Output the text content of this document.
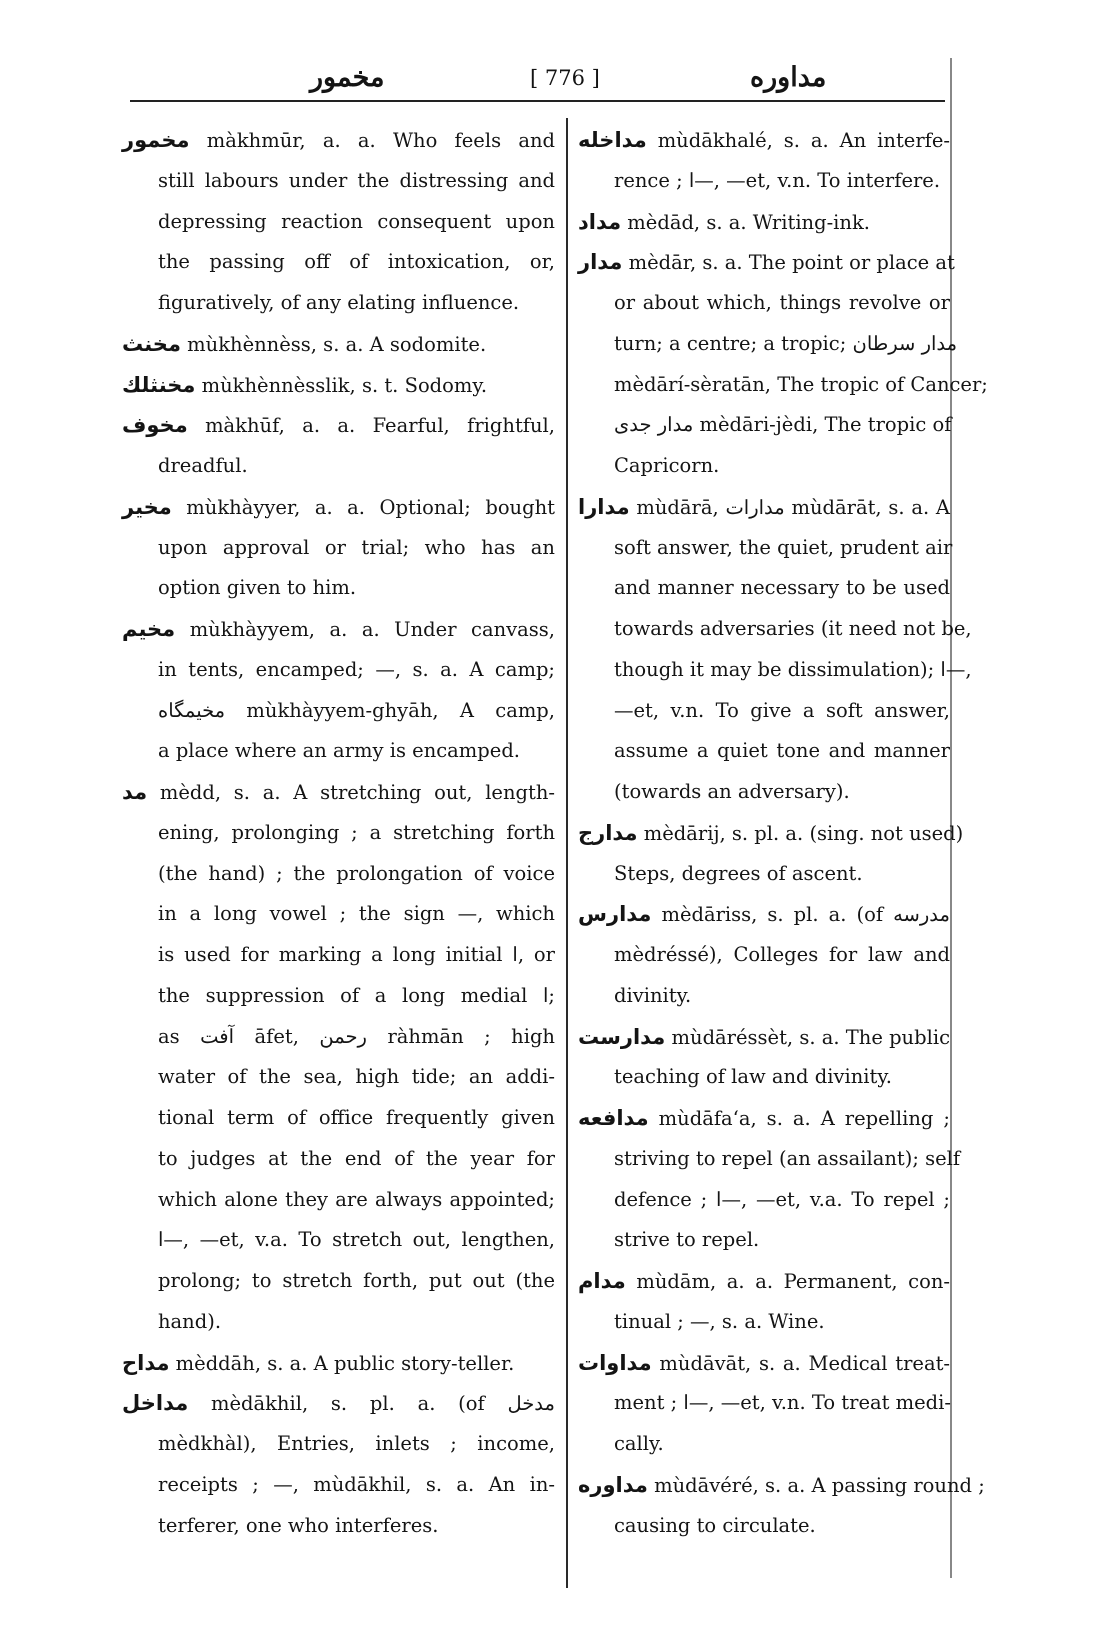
مخمور	[ 776 ]	مداوره
مخمور màkhmūr, a. a. Who feels and
still labours under the distressing and
depressing reaction consequent upon
the passing off of intoxication, or,
figuratively, of any elating influence.
مخنث mùkhènnèss, s. a. A sodomite.
مخنثلك mùkhènnèsslik, s. t. Sodomy.
مخوف màkhūf, a. a. Fearful, frightful,
dreadful.
مخير mùkhàyyer, a. a. Optional; bought
upon approval or trial; who has an
option given to him.
مخيم mùkhàyyem, a. a. Under canvass,
in tents, encamped; —, s. a. A camp;
مخيمگاه mùkhàyyem-ghyāh, A camp,
a place where an army is encamped.
مد mèdd, s. a. A stretching out, length-
ening, prolonging ; a stretching forth
(the hand) ; the prolongation of voice
in a long vowel ; the sign —, which
is used for marking a long initial ا, or
the suppression of a long medial ا;
as آفت āfet, رحمن ràhmān ; high
water of the sea, high tide; an addi-
tional term of office frequently given
to judges at the end of the year for
which alone they are always appointed;
ا—, —et, v.a. To stretch out, lengthen,
prolong; to stretch forth, put out (the
hand).
مداح mèddāh, s. a. A public story-teller.
مداخل mèdākhil, s. pl. a. (of مدخل
mèdkhàl), Entries, inlets ; income,
receipts ; —, mùdākhil, s. a. An in-
terferer, one who interferes.
مداخله mùdākhalé, s. a. An interfe-
rence ; ا—, —et, v.n. To interfere.
مداد mèdād, s. a. Writing-ink.
مدار mèdār, s. a. The point or place at
or about which, things revolve or
turn; a centre; a tropic; مدار سرطان
mèdārí-sèratān, The tropic of Cancer;
مدار جدی mèdāri-jèdi, The tropic of
Capricorn.
مدارا mùdārā, مدارات mùdārāt, s. a. A
soft answer, the quiet, prudent air
and manner necessary to be used
towards adversaries (it need not be,
though it may be dissimulation); ا—,
—et, v.n. To give a soft answer,
assume a quiet tone and manner
(towards an adversary).
مدارج mèdārij, s. pl. a. (sing. not used)
Steps, degrees of ascent.
مدارس mèdāriss, s. pl. a. (of مدرسه
mèdréssé), Colleges for law and
divinity.
مدارست mùdāréssèt, s. a. The public
teaching of law and divinity.
مدافعه mùdāfa‘a, s. a. A repelling ;
striving to repel (an assailant); self
defence ; ا—, —et, v.a. To repel ;
strive to repel.
مدام mùdām, a. a. Permanent, con-
tinual ; —, s. a. Wine.
مداوات mùdāvāt, s. a. Medical treat-
ment ; ا—, —et, v.n. To treat medi-
cally.
مداوره mùdāvéré, s. a. A passing round ;
causing to circulate.
